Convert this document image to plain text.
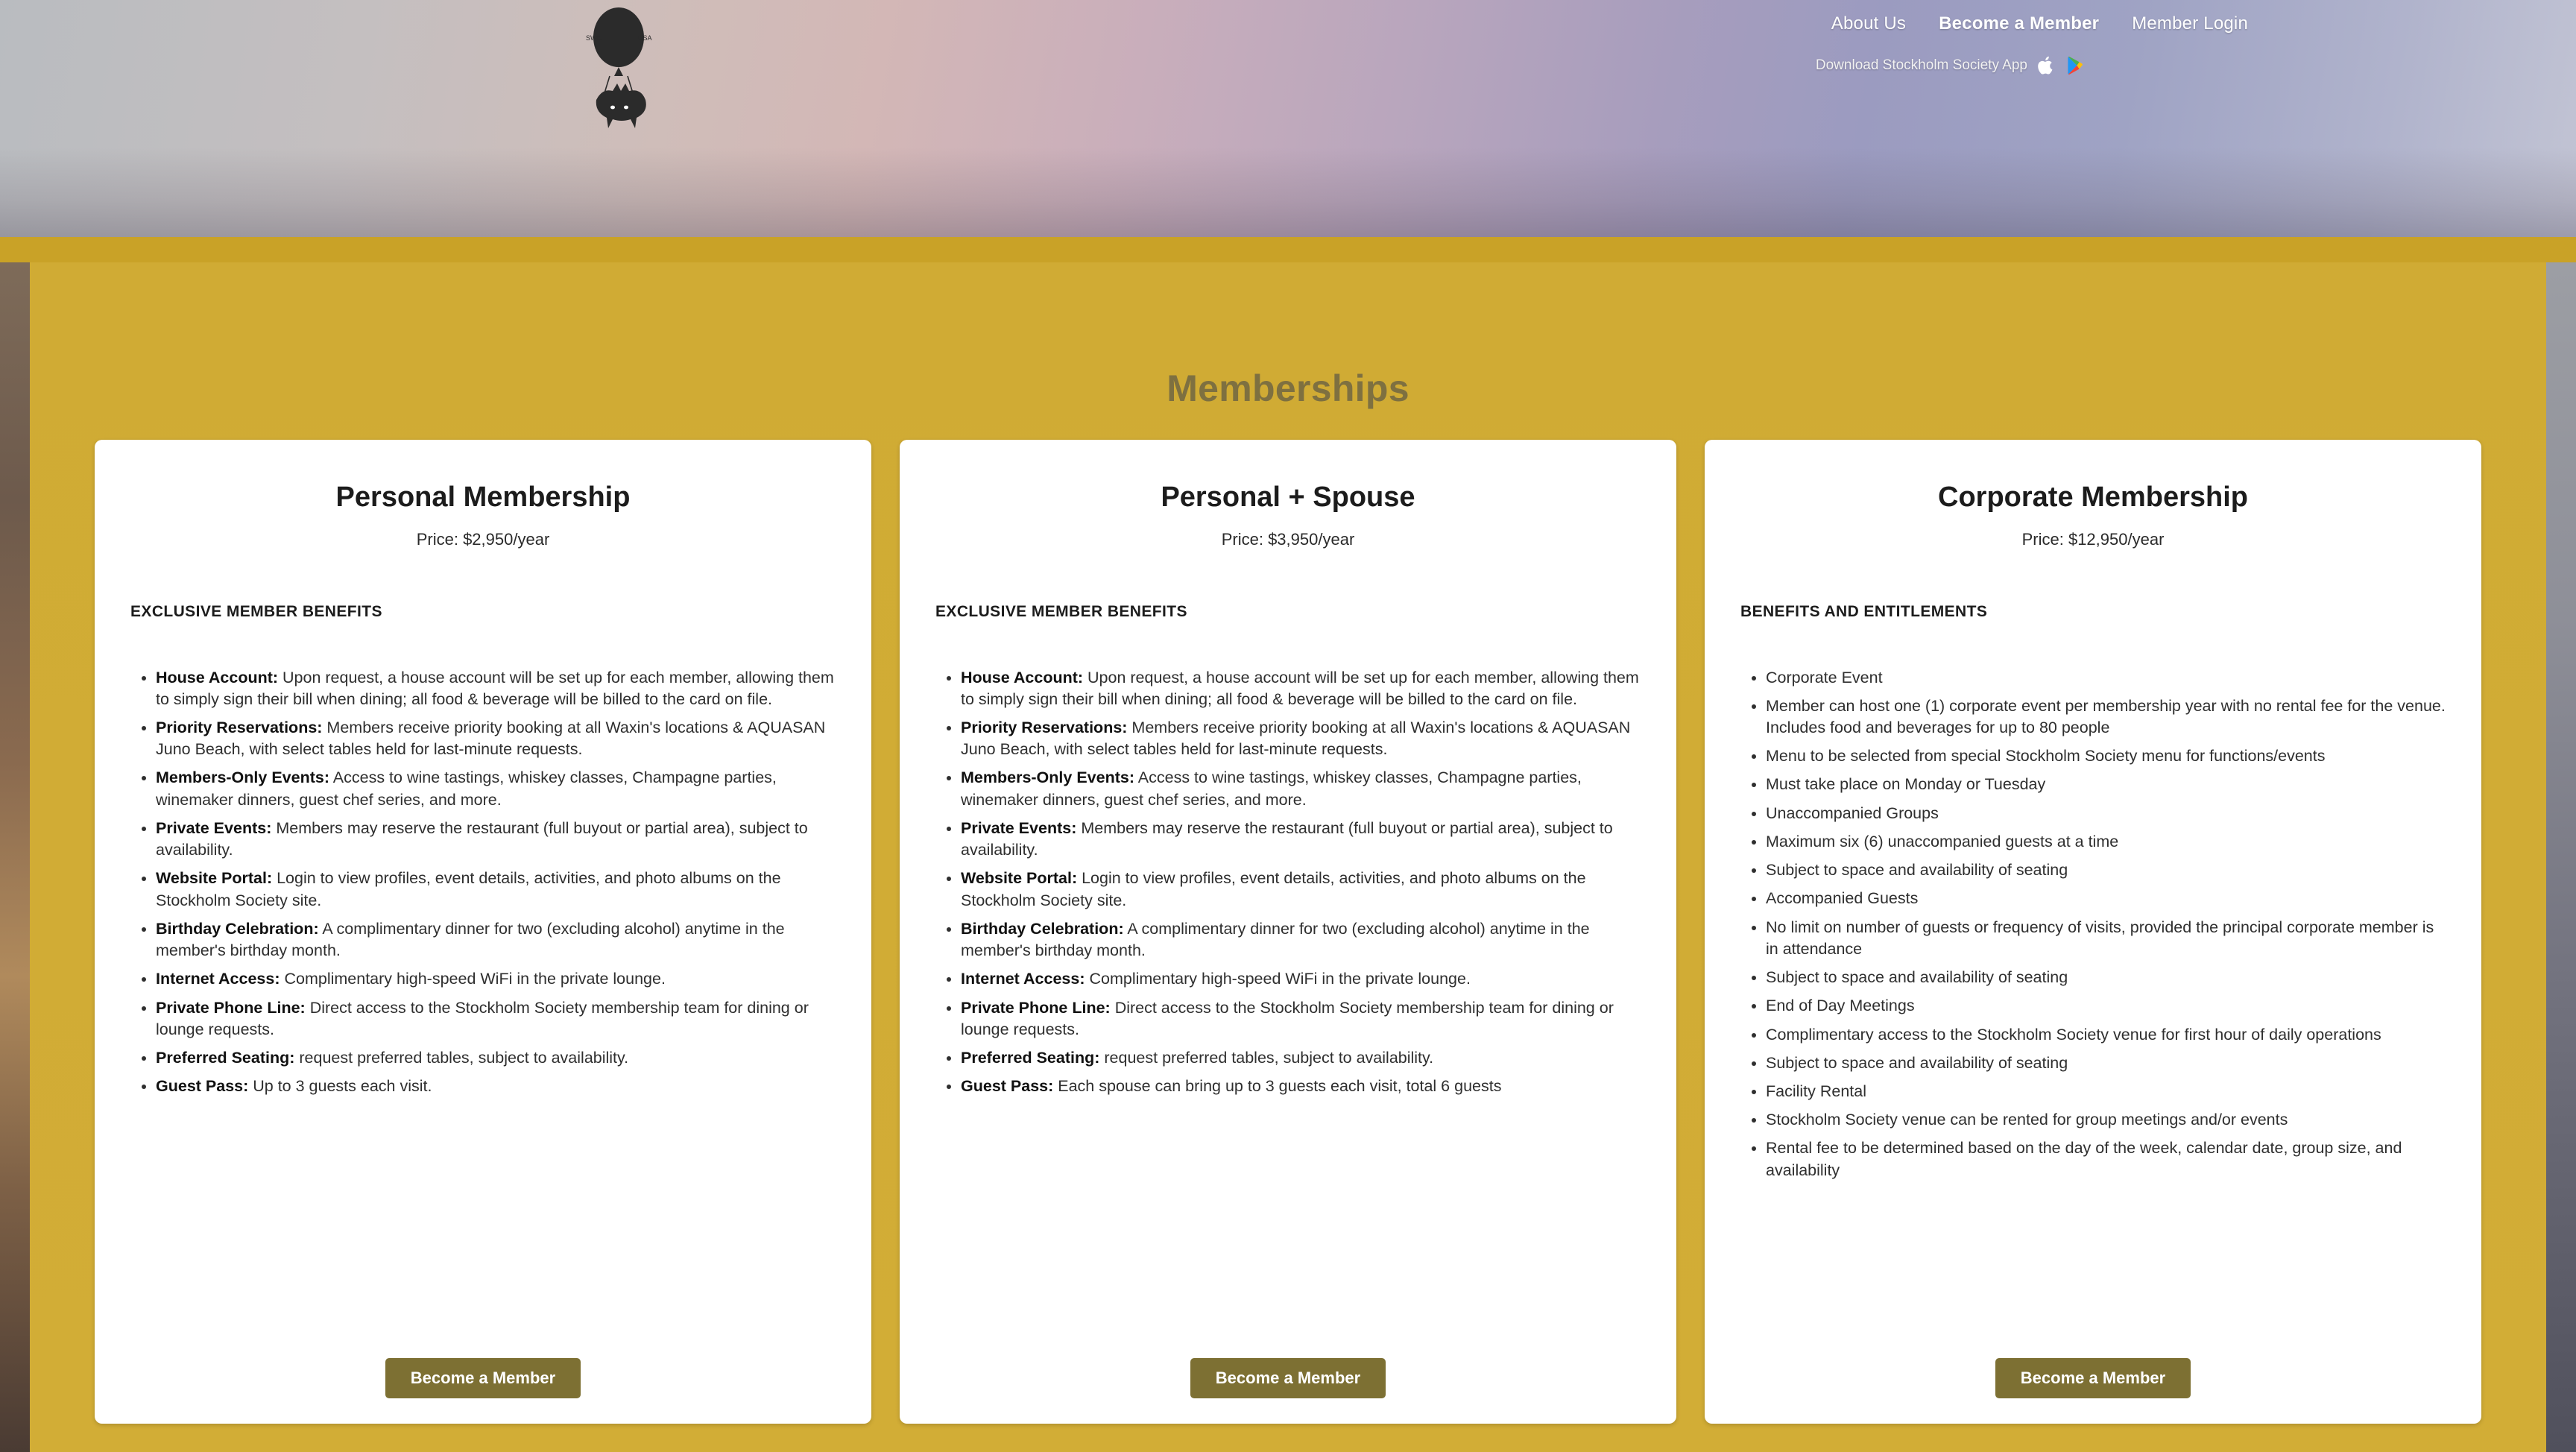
SWE	USA
About Us Become a Member Member Login
Download Stockholm Society App
Memberships
Personal Membership
Price: $2,950/year
EXCLUSIVE MEMBER BENEFITS
• House Account: Upon request, a house account will be set up for each member, allowing them to simply sign their bill when dining; all food & beverage will be billed to the card on file.
• Priority Reservations: Members receive priority booking at all Waxin's locations & AQUASAN Juno Beach, with select tables held for last-minute requests.
• Members-Only Events: Access to wine tastings, whiskey classes, Champagne parties, winemaker dinners, guest chef series, and more.
• Private Events: Members may reserve the restaurant (full buyout or partial area), subject to availability.
• Website Portal: Login to view profiles, event details, activities, and photo albums on the Stockholm Society site.
• Birthday Celebration: A complimentary dinner for two (excluding alcohol) anytime in the member's birthday month.
• Internet Access: Complimentary high-speed WiFi in the private lounge.
• Private Phone Line: Direct access to the Stockholm Society membership team for dining or lounge requests.
• Preferred Seating: request preferred tables, subject to availability.
• Guest Pass: Up to 3 guests each visit.
Become a Member
Personal + Spouse
Price: $3,950/year
EXCLUSIVE MEMBER BENEFITS
• House Account: Upon request, a house account will be set up for each member, allowing them to simply sign their bill when dining; all food & beverage will be billed to the card on file.
• Priority Reservations: Members receive priority booking at all Waxin's locations & AQUASAN Juno Beach, with select tables held for last-minute requests.
• Members-Only Events: Access to wine tastings, whiskey classes, Champagne parties, winemaker dinners, guest chef series, and more.
• Private Events: Members may reserve the restaurant (full buyout or partial area), subject to availability.
• Website Portal: Login to view profiles, event details, activities, and photo albums on the Stockholm Society site.
• Birthday Celebration: A complimentary dinner for two (excluding alcohol) anytime in the member's birthday month.
• Internet Access: Complimentary high-speed WiFi in the private lounge.
• Private Phone Line: Direct access to the Stockholm Society membership team for dining or lounge requests.
• Preferred Seating: request preferred tables, subject to availability.
• Guest Pass: Each spouse can bring up to 3 guests each visit, total 6 guests
Become a Member
Corporate Membership
Price: $12,950/year
BENEFITS AND ENTITLEMENTS
• Corporate Event
• Member can host one (1) corporate event per membership year with no rental fee for the venue. Includes food and beverages for up to 80 people
• Menu to be selected from special Stockholm Society menu for functions/events
• Must take place on Monday or Tuesday
• Unaccompanied Groups
• Maximum six (6) unaccompanied guests at a time
• Subject to space and availability of seating
• Accompanied Guests
• No limit on number of guests or frequency of visits, provided the principal corporate member is in attendance
• Subject to space and availability of seating
• End of Day Meetings
• Complimentary access to the Stockholm Society venue for first hour of daily operations
• Subject to space and availability of seating
• Facility Rental
• Stockholm Society venue can be rented for group meetings and/or events
• Rental fee to be determined based on the day of the week, calendar date, group size, and availability
Become a Member
